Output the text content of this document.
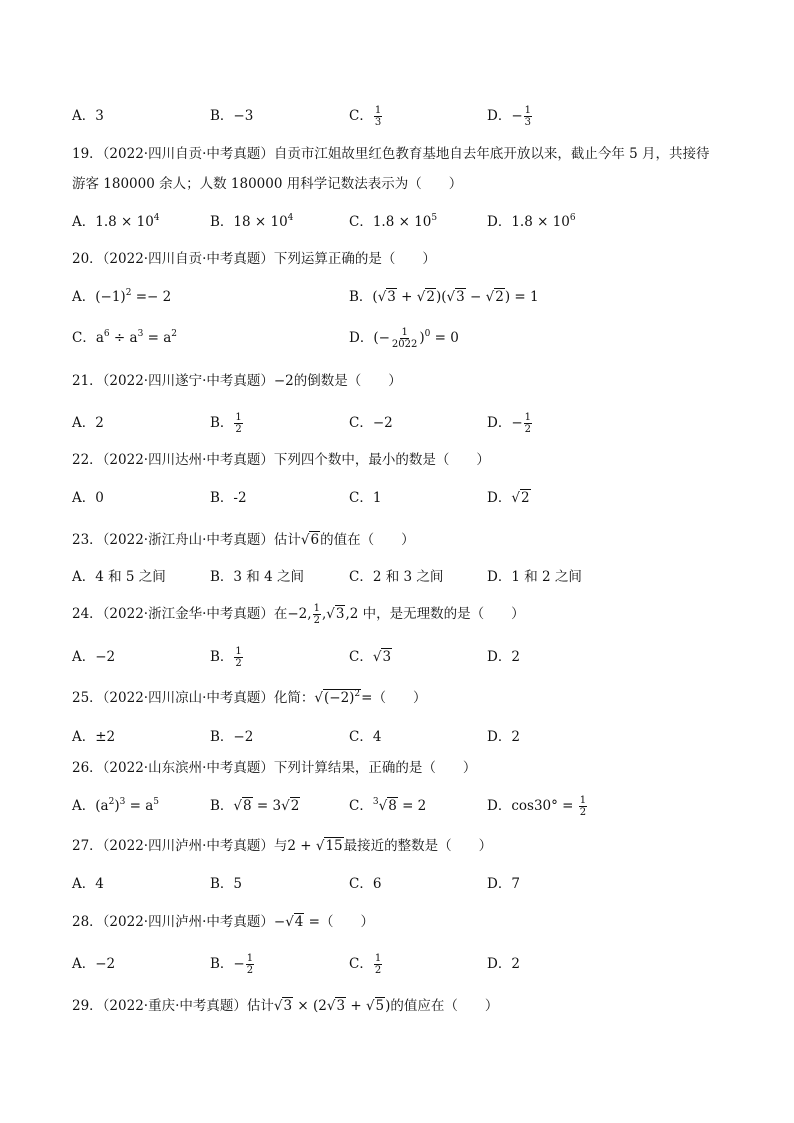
A．3	B．−3	C． $\frac{1}{3}$	D．− $\frac{1}{3}$
19．（2022·四川自贡·中考真题）自贡市江姐故里红色教育基地自去年底开放以来，截止今年 5 月，共接待
游客 180000 余人；人数 180000 用科学记数法表示为（　　）
A．$1.8 \times 10^4$	B．$18 \times 10^4$	C．$1.8 \times 10^5$	D．$1.8 \times 10^6$
20．（2022·四川自贡·中考真题）下列运算正确的是（　　）
A．$(-1)^2 =- 2$	B．(√3 + √2)(√3 − √2) = 1
C．$a^6 \div a^3 = a^2$	D．(− $\frac{1}{2022} )^0 = 0$
21．（2022·四川遂宁·中考真题）−2的倒数是（　　）
A．2	B． $\frac{1}{2}$	C．−2	D．− $\frac{1}{2}$
22．（2022·四川达州·中考真题）下列四个数中，最小的数是（　　）
A．0	B．-2	C．1	D．√2
23．（2022·浙江舟山·中考真题）估计√6的值在（　　）
A．4 和 5 之间	B．3 和 4 之间	C．2 和 3 之间	D．1 和 2 之间
24．（2022·浙江金华·中考真题）在−2, $\frac{1}{2} ,√3,2$ 中，是无理数的是（　　）
A．−2	B． $\frac{1}{2}$	C．√3	D．2
25．（2022·四川凉山·中考真题）化简：$√(-2)^2=$（　　）
A．±2	B．−2	C．4	D．2
26．（2022·山东滨州·中考真题）下列计算结果，正确的是（　　）
A．$(a^2)^3 = a^5$	B．√8 = 3√2	C．$^3$√8 = 2	D．$\cos 30^\circ = \frac{1}{2}$
27．（2022·四川泸州·中考真题）与2 + √15最接近的整数是（　　）
A．4	B．5	C．6	D．7
28．（2022·四川泸州·中考真题）−√4 =（　　）
A．−2	B．− $\frac{1}{2}$	C． $\frac{1}{2}$	D．2
29．（2022·重庆·中考真题）估计√3 × (2√3 + √5)的值应在（　　）
